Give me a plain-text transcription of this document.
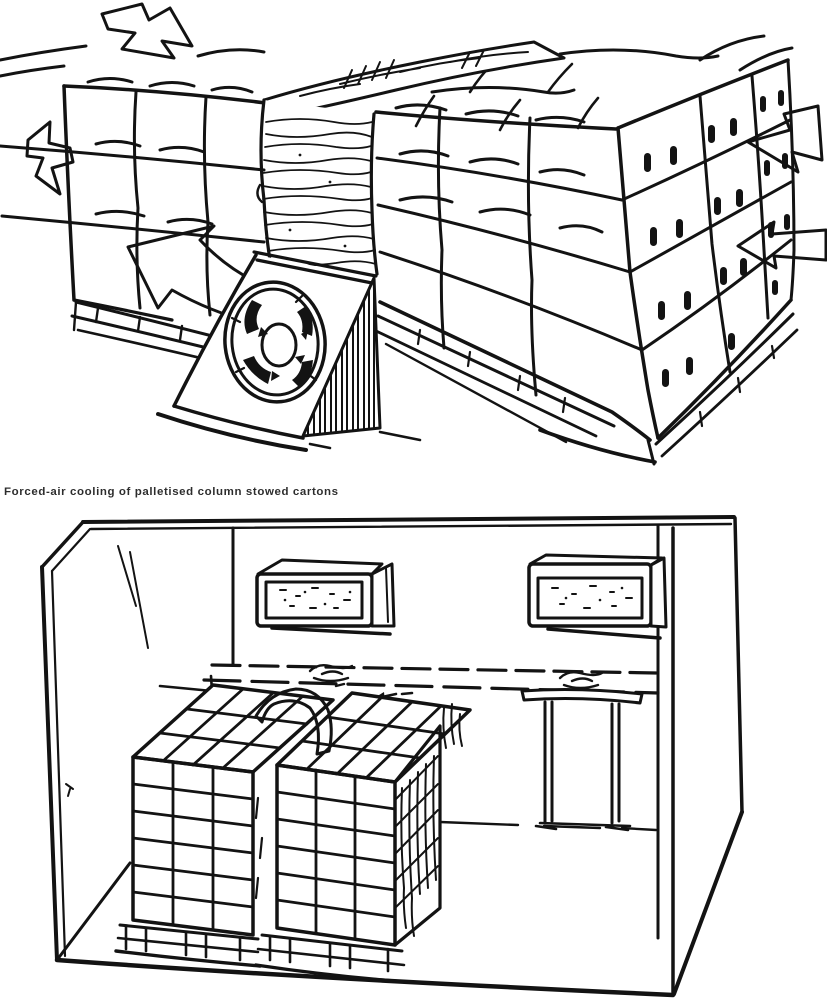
Forced-air cooling of palletised column stowed cartons
